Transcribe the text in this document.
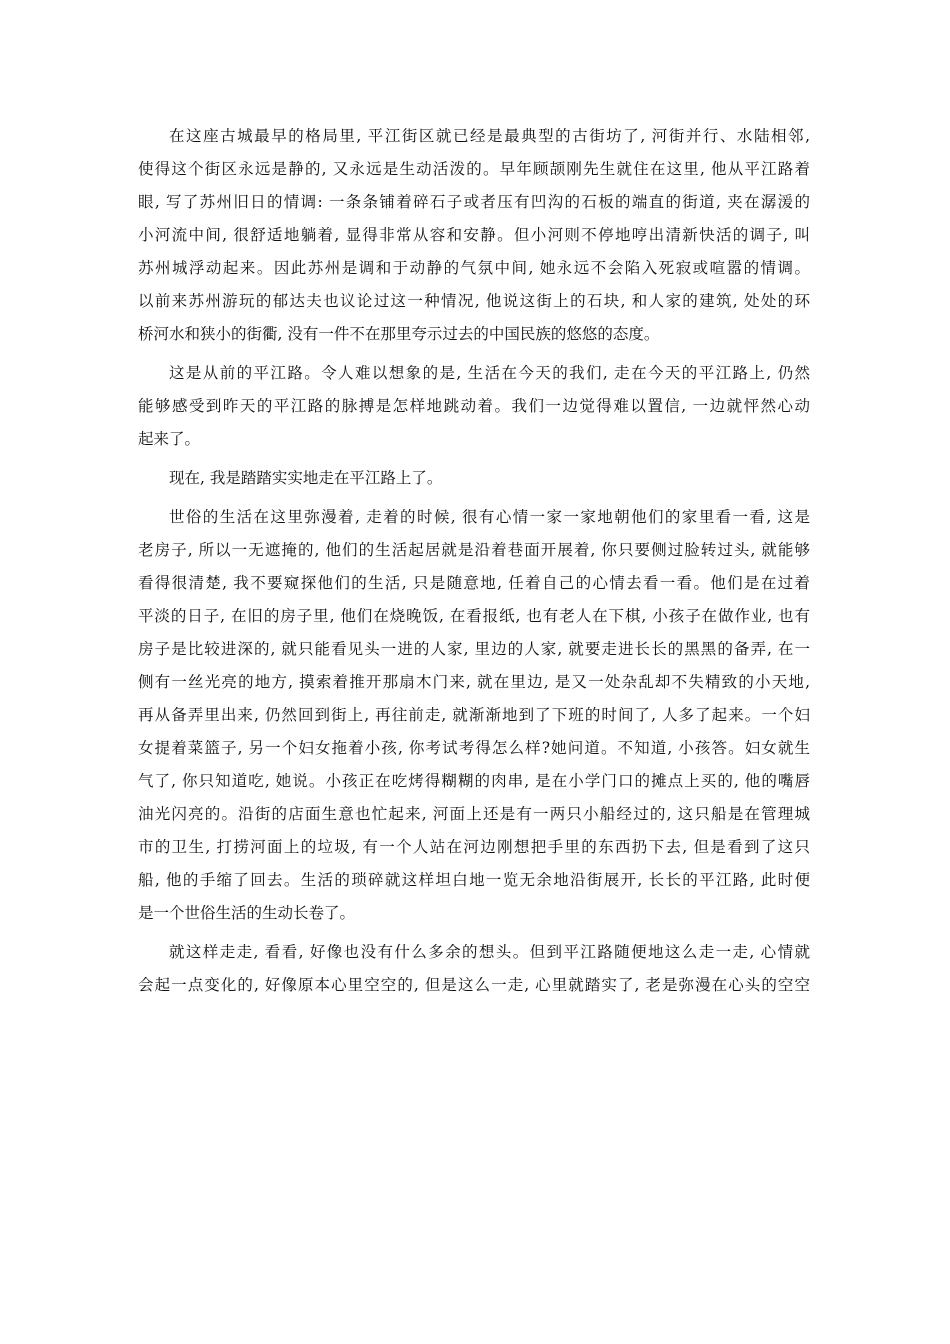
在这座古城最早的格局里, 平江街区就已经是最典型的古街坊了, 河街并行、水陆相邻,
使得这个街区永远是静的, 又永远是生动活泼的。早年顾颉刚先生就住在这里, 他从平江路着
眼, 写了苏州旧日的情调: 一条条铺着碎石子或者压有凹沟的石板的端直的街道, 夹在潺湲的
小河流中间, 很舒适地躺着, 显得非常从容和安静。但小河则不停地哼出清新快活的调子, 叫
苏州城浮动起来。因此苏州是调和于动静的气氛中间, 她永远不会陷入死寂或喧嚣的情调。
以前来苏州游玩的郁达夫也议论过这一种情况, 他说这街上的石块, 和人家的建筑, 处处的环
桥河水和狭小的街衢, 没有一件不在那里夸示过去的中国民族的悠悠的态度。
这是从前的平江路。令人难以想象的是, 生活在今天的我们, 走在今天的平江路上, 仍然
能够感受到昨天的平江路的脉搏是怎样地跳动着。我们一边觉得难以置信, 一边就怦然心动
起来了。
现在, 我是踏踏实实地走在平江路上了。
世俗的生活在这里弥漫着, 走着的时候, 很有心情一家一家地朝他们的家里看一看, 这是
老房子, 所以一无遮掩的, 他们的生活起居就是沿着巷面开展着, 你只要侧过脸转过头, 就能够
看得很清楚, 我不要窥探他们的生活, 只是随意地, 任着自己的心情去看一看。他们是在过着
平淡的日子, 在旧的房子里, 他们在烧晚饭, 在看报纸, 也有老人在下棋, 小孩子在做作业, 也有
房子是比较进深的, 就只能看见头一进的人家, 里边的人家, 就要走进长长的黑黑的备弄, 在一
侧有一丝光亮的地方, 摸索着推开那扇木门来, 就在里边, 是又一处杂乱却不失精致的小天地,
再从备弄里出来, 仍然回到街上, 再往前走, 就渐渐地到了下班的时间了, 人多了起来。一个妇
女提着菜篮子, 另一个妇女拖着小孩, 你考试考得怎么样?她问道。不知道, 小孩答。妇女就生
气了, 你只知道吃, 她说。小孩正在吃烤得糊糊的肉串, 是在小学门口的摊点上买的, 他的嘴唇
油光闪亮的。沿街的店面生意也忙起来, 河面上还是有一两只小船经过的, 这只船是在管理城
市的卫生, 打捞河面上的垃圾, 有一个人站在河边刚想把手里的东西扔下去, 但是看到了这只
船, 他的手缩了回去。生活的琐碎就这样坦白地一览无余地沿街展开, 长长的平江路, 此时便
是一个世俗生活的生动长卷了。
就这样走走, 看看, 好像也没有什么多余的想头。但到平江路随便地这么走一走, 心情就
会起一点变化的, 好像原本心里空空的, 但是这么一走, 心里就踏实了, 老是弥漫在心头的空空
